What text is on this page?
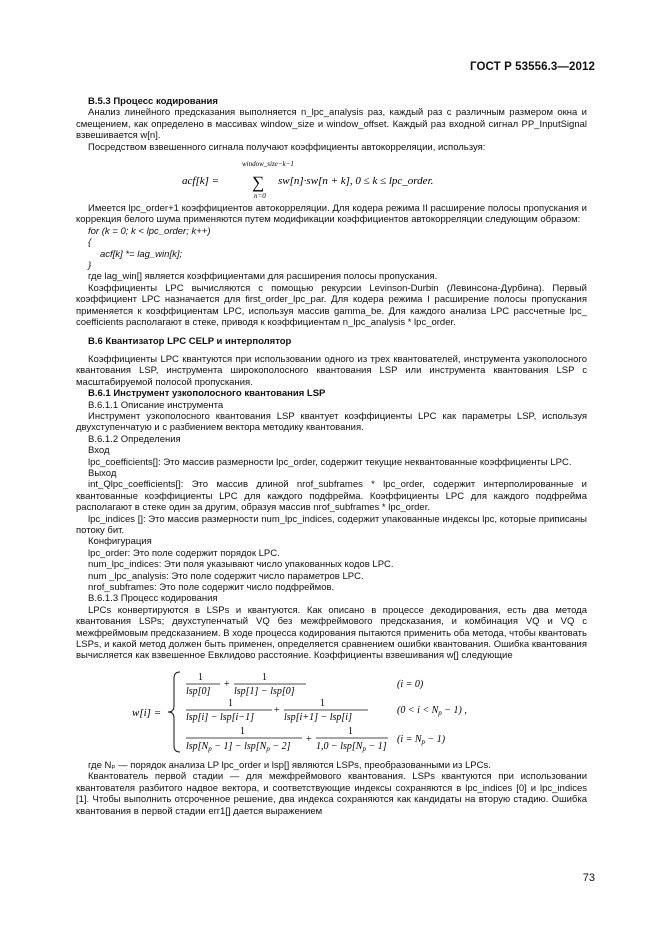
ГОСТ Р 53556.3—2012

B.5.3 Процесс кодирования

Анализ линейного предсказания выполняется n_lpc_analysis раз, каждый раз с различным размером окна и смещением, как определено в массивах window_size и window_offset. Каждый раз входной сигнал PP_InputSignal взвешивается w[n].

Посредством взвешенного сигнала получают коэффициенты автокорреляции, используя:

acf[k] =
window_size−k−1
∑
n=0
sw[n]·sw[n + k], 0 ≤ k ≤ lpc_order.

Имеется lpc_order+1 коэффициентов автокорреляции. Для кодера режима II расширение полосы пропускания и коррекция белого шума применяются путем модификации коэффициентов автокорреляции следующим образом:

for (k = 0; k < lpc_order; k++)

{

acf[k] *= lag_win[k];

}

где lag_win[] является коэффициентами для расширения полосы пропускания.

Коэффициенты LPC вычисляются с помощью рекурсии Levinson-Durbin (Левинсона-Дурбина). Первый коэффициент LPC назначается для first_order_lpc_par. Для кодера режима I расширение полосы пропускания применяется к коэффициентам LPC, используя массив gamma_be. Для каждого анализа LPC рассчетные lpc_ coefficients располагают в стеке, приводя к коэффициентам n_lpc_analysis * lpc_order.

B.6 Квантизатор LPC CELP и интерполятор

Коэффициенты LPC квантуются при использовании одного из трех квантователей, инструмента узкополосного квантования LSP, инструмента широкополосного квантования LSP или инструмента квантования LSP с масштабируемой полосой пропускания.

B.6.1 Инструмент узкополосного квантования LSP

B.6.1.1 Описание инструмента

Инструмент узкополосного квантования LSP квантует коэффициенты LPC как параметры LSP, используя двухступенчатую и с разбиением вектора методику квантования.

B.6.1.2 Определения

Вход

lpc_coefficients[]: Это массив размерности lpc_order, содержит текущие неквантованные коэффициенты LPC.

Выход

int_Qlpc_coefficients[]: Это массив длиной nrof_subframes * lpc_order, содержит интерполированные и квантованные коэффициенты LPC для каждого подфрейма. Коэффициенты LPC для каждого подфрейма располагают в стеке один за другим, образуя массив nrof_subframes * lpc_order.

lpc_indices []: Это массив размерности num_lpc_indices, содержит упакованные индексы lpc, которые приписаны потоку бит.

Конфигурация

lpc_order: Это поле содержит порядок LPC.

num_lpc_indices: Эти поля указывают число упакованных кодов LPC.

num _lpc_analysis: Это поле содержит число параметров LPC.

nrof_subframes: Это поле содержит число подфреймов.

B.6.1.3 Процесс кодирования

LPCs конвертируются в LSPs и квантуются. Как описано в процессе декодирования, есть два метода квантования LSPs; двухступенчатый VQ без межфреймового предсказания, и комбинация VQ и VQ с межфреймовым предсказанием. В ходе процесса кодирования пытаются применить оба метода, чтобы квантовать LSPs, и какой метод должен быть применен, определяется сравнением ошибки квантования. Ошибка квантования вычисляется как взвешенное Евклидово расстояние. Коэффициенты взвешивания w[] следующие

w[i] =
1
lsp[0]
+
1
lsp[1] − lsp[0]
(i = 0)
1
lsp[i] − lsp[i−1]
+
1
lsp[i+1] − lsp[i]
$(0 < i < N_p - 1)$ ,
1
$lsp[N_p - 1] - lsp[N_p - 2]$
+
1
$1,0 - lsp[N_p - 1]$
$(i = N_p - 1)$

где Nₚ — порядок анализа LP lpc_order и lsp[] являются LSPs, преобразованными из LPCs.

Квантователь первой стадии — для межфреймового квантования. LSPs квантуются при использовании квантователя разбитого надвое вектора, и соответствующие индексы сохраняются в lpc_indices [0] и lpc_indices [1]. Чтобы выполнить отсроченное решение, два индекса сохраняются как кандидаты на вторую стадию. Ошибка квантования в первой стадии err1[] дается выражением

73
